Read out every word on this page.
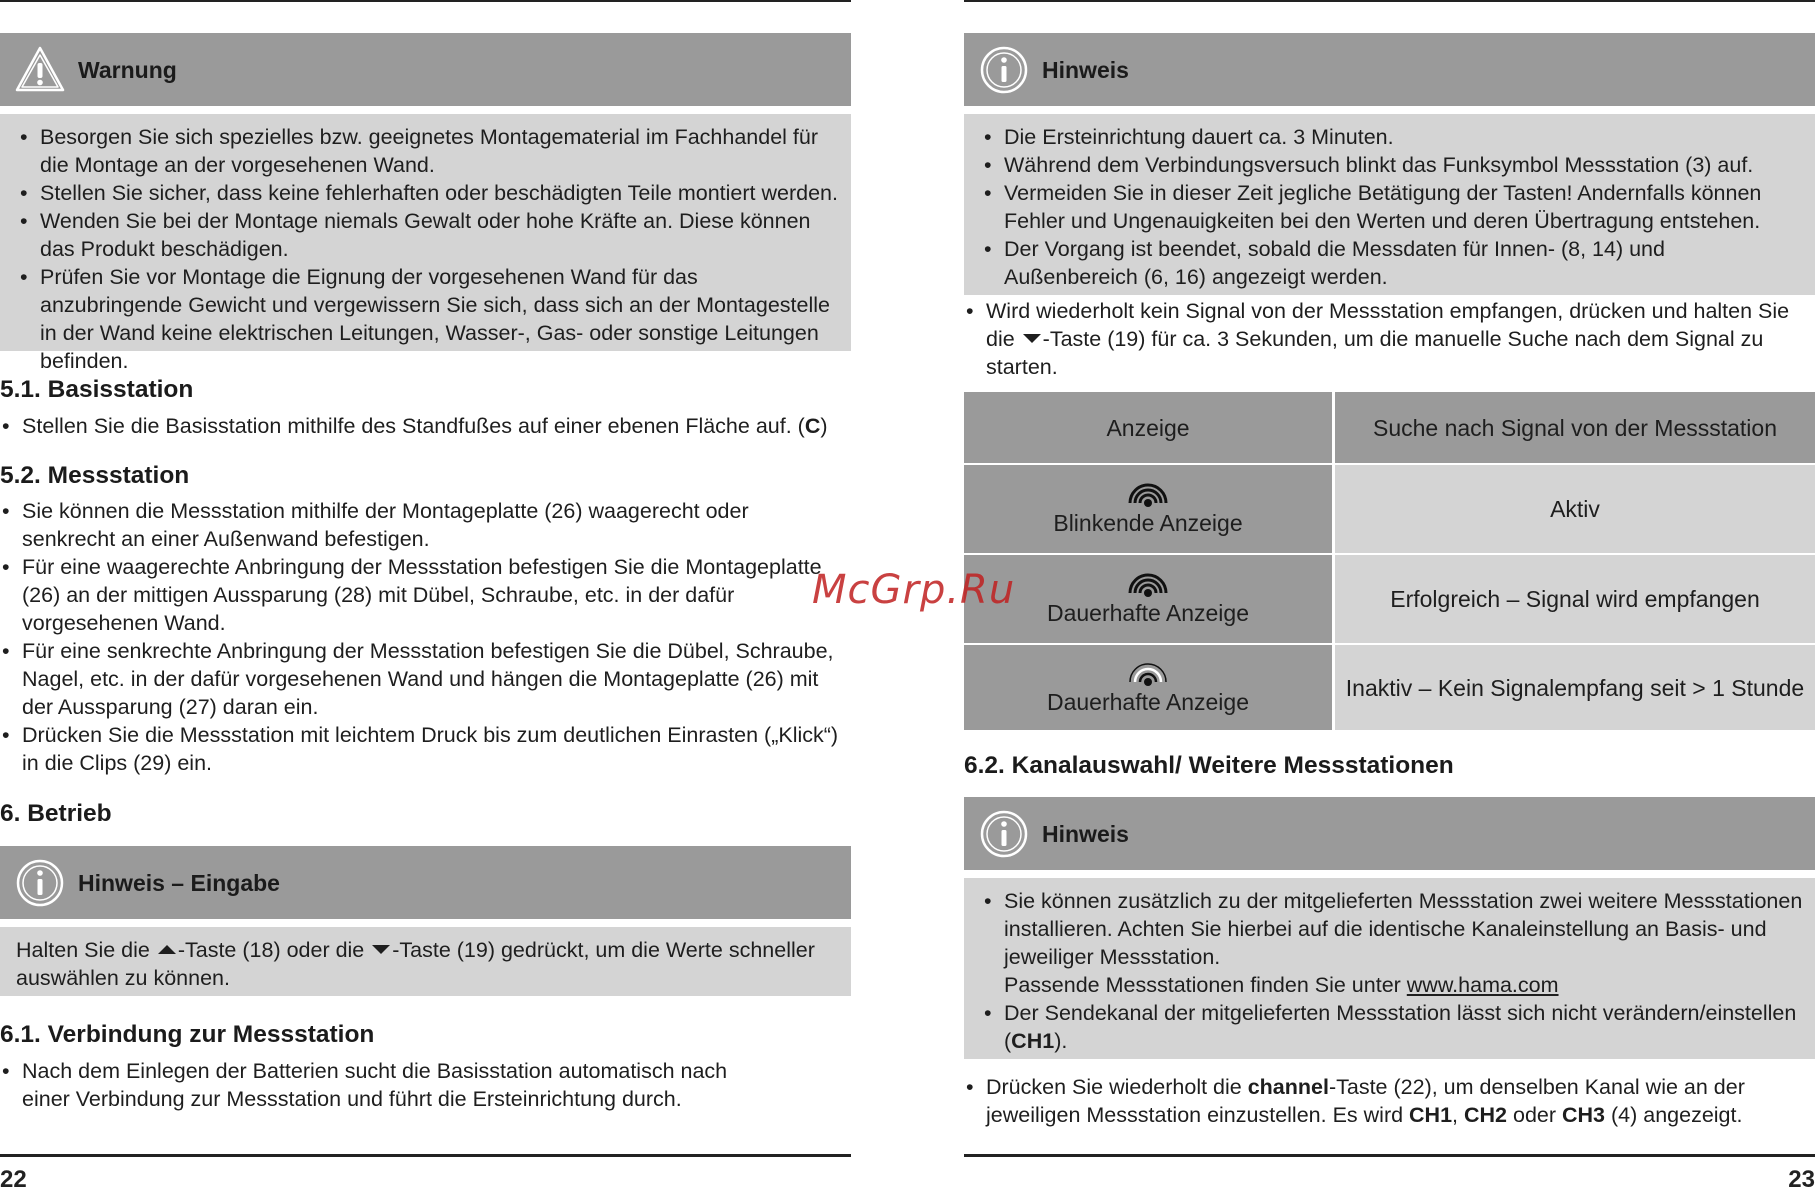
Warnung
• Besorgen Sie sich spezielles bzw. geeignetes Montagematerial im Fachhandel für die Montage an der vorgesehenen Wand.
• Stellen Sie sicher, dass keine fehlerhaften oder beschädigten Teile montiert werden.
• Wenden Sie bei der Montage niemals Gewalt oder hohe Kräfte an. Diese können das Produkt beschädigen.
• Prüfen Sie vor Montage die Eignung der vorgesehenen Wand für das anzubringende Gewicht und vergewissern Sie sich, dass sich an der Montagestelle in der Wand keine elektrischen Leitungen, Wasser-, Gas- oder sonstige Leitungen befinden.
5.1. Basisstation
• Stellen Sie die Basisstation mithilfe des Standfußes auf einer ebenen Fläche auf. (C)
5.2. Messstation
• Sie können die Messstation mithilfe der Montageplatte (26) waagerecht oder senkrecht an einer Außenwand befestigen.
• Für eine waagerechte Anbringung der Messstation befestigen Sie die Montageplatte (26) an der mittigen Aussparung (28) mit Dübel, Schraube, etc. in der dafür vorgesehenen Wand.
• Für eine senkrechte Anbringung der Messstation befestigen Sie die Dübel, Schraube, Nagel, etc. in der dafür vorgesehenen Wand und hängen die Montageplatte (26) mit der Aussparung (27) daran ein.
• Drücken Sie die Messstation mit leichtem Druck bis zum deutlichen Einrasten („Klick“) in die Clips (29) ein.
6. Betrieb
Hinweis – Eingabe
Halten Sie die -Taste (18) oder die -Taste (19) gedrückt, um die Werte schneller auswählen zu können.
6.1. Verbindung zur Messstation
• Nach dem Einlegen der Batterien sucht die Basisstation automatisch nach einer Verbindung zur Messstation und führt die Ersteinrichtung durch.
22
Hinweis
• Die Ersteinrichtung dauert ca. 3 Minuten.
• Während dem Verbindungsversuch blinkt das Funksymbol Messstation (3) auf.
• Vermeiden Sie in dieser Zeit jegliche Betätigung der Tasten! Andernfalls können Fehler und Ungenauigkeiten bei den Werten und deren Übertragung entstehen.
• Der Vorgang ist beendet, sobald die Messdaten für Innen- (8, 14) und Außenbereich (6, 16) angezeigt werden.
• Wird wiederholt kein Signal von der Messstation empfangen, drücken und halten Sie die -Taste (19) für ca. 3 Sekunden, um die manuelle Suche nach dem Signal zu starten.
Anzeige	Suche nach Signal von der Messstation
Blinkende Anzeige
Aktiv
Dauerhafte Anzeige
Erfolgreich – Signal wird empfangen
Dauerhafte Anzeige
Inaktiv – Kein Signalempfang seit > 1 Stunde
6.2. Kanalauswahl/ Weitere Messstationen
Hinweis
• Sie können zusätzlich zu der mitgelieferten Messstation zwei weitere Messstationen installieren. Achten Sie hierbei auf die identische Kanaleinstellung an Basis- und jeweiliger Messstation.
Passende Messstationen finden Sie unter www.hama.com
• Der Sendekanal der mitgelieferten Messstation lässt sich nicht verändern/einstellen (CH1).
• Drücken Sie wiederholt die channel-Taste (22), um denselben Kanal wie an der jeweiligen Messstation einzustellen. Es wird CH1, CH2 oder CH3 (4) angezeigt.
23
McGrp.Ru
